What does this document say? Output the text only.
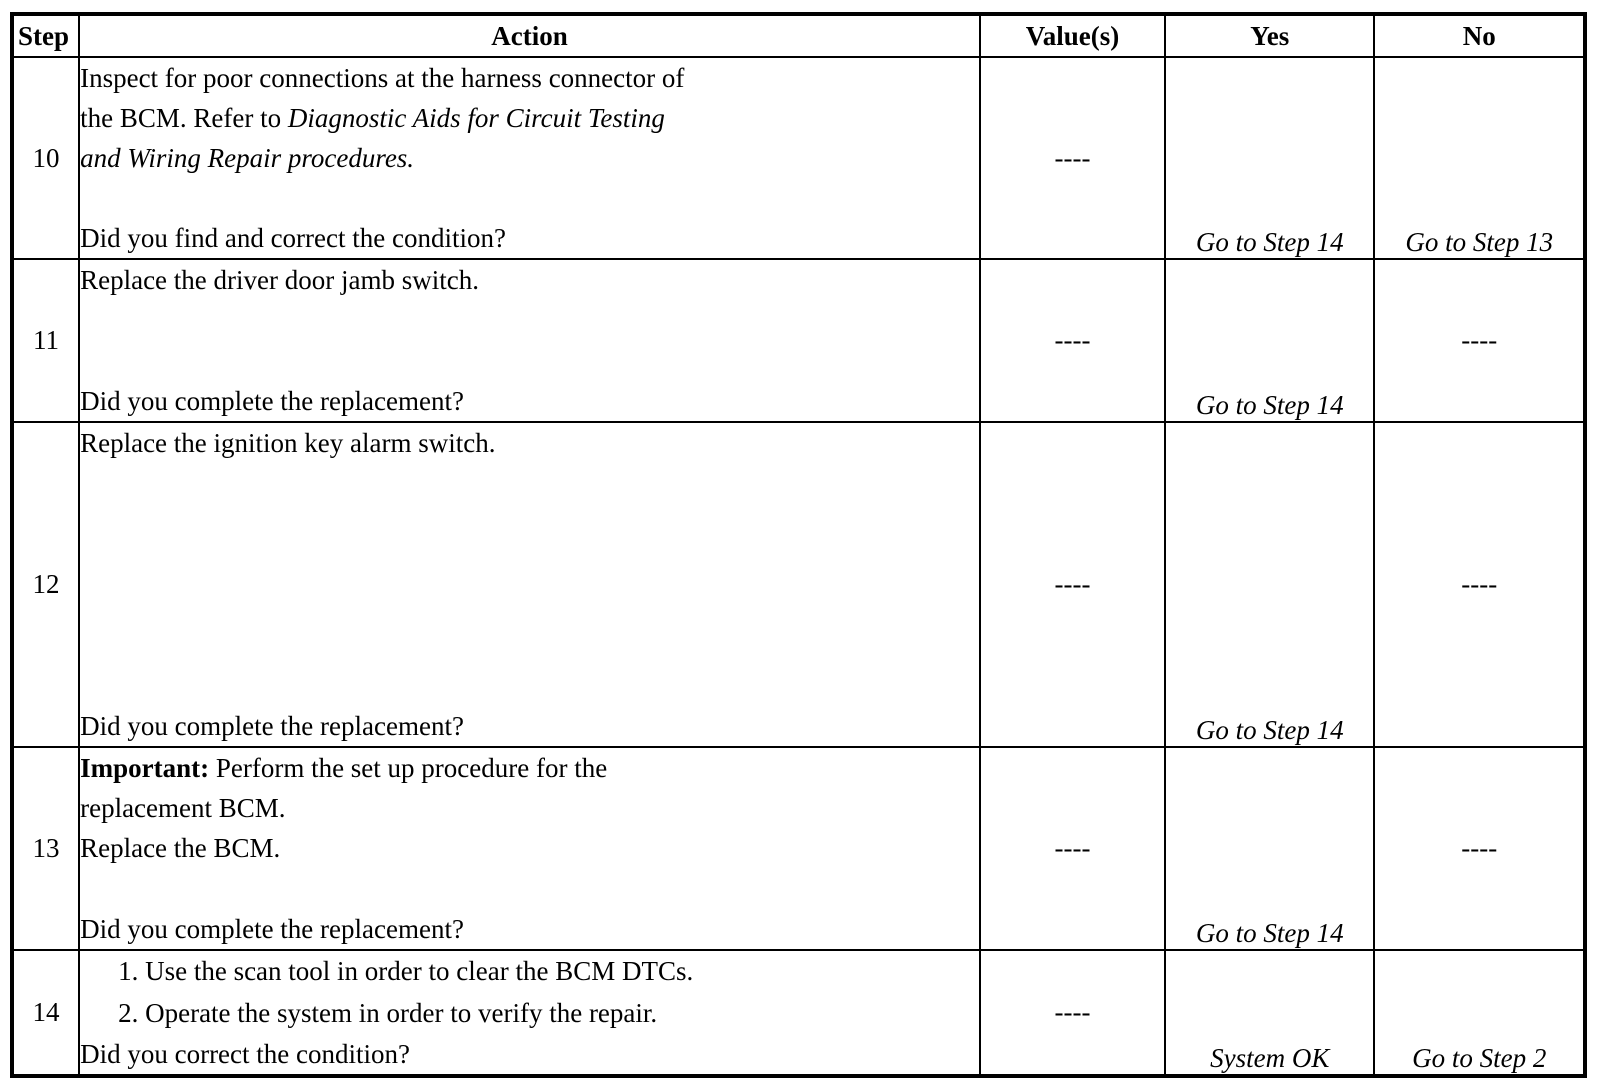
Step	Action	Value(s)	Yes	No
10	Inspect for poor connections at the harness connector of
the BCM. Refer to Diagnostic Aids for Circuit Testing
and Wiring Repair procedures.
Did you find and correct the condition?	----	Go to Step 14	Go to Step 13
11	Replace the driver door jamb switch.
Did you complete the replacement?	----	Go to Step 14	----
12	Replace the ignition key alarm switch.
Did you complete the replacement?	----	Go to Step 14	----
13	Important: Perform the set up procedure for the
replacement BCM.
Replace the BCM.
Did you complete the replacement?	----	Go to Step 14	----
14	1. Use the scan tool in order to clear the BCM DTCs.
2. Operate the system in order to verify the repair.
Did you correct the condition?	----	System OK	Go to Step 2
